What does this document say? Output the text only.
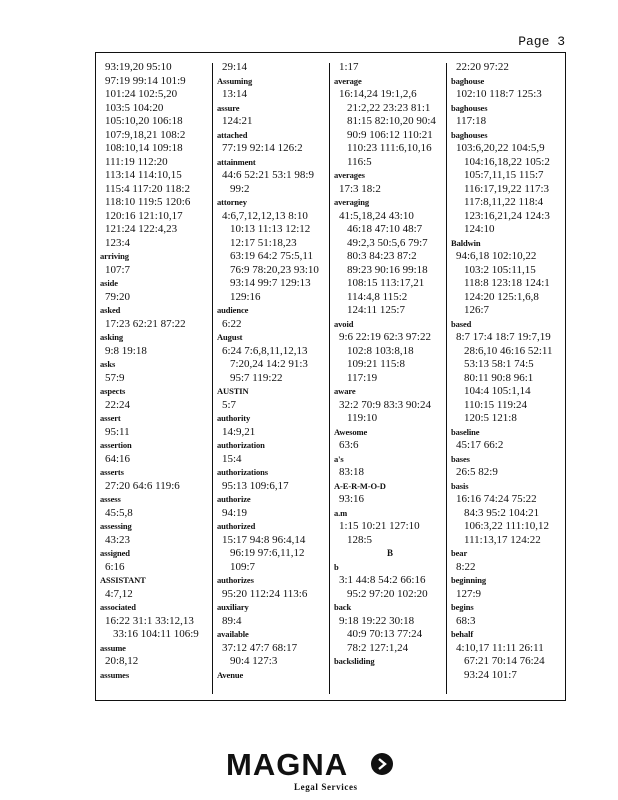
Page 3
93:19,20 95:10
97:19 99:14 101:9
101:24 102:5,20
103:5 104:20
105:10,20 106:18
107:9,18,21 108:2
108:10,14 109:18
111:19 112:20
113:14 114:10,15
115:4 117:20 118:2
118:10 119:5 120:6
120:16 121:10,17
121:24 122:4,23
123:4
arriving
107:7
aside
79:20
asked
17:23 62:21 87:22
asking
9:8 19:18
asks
57:9
aspects
22:24
assert
95:11
assertion
64:16
asserts
27:20 64:6 119:6
assess
45:5,8
assessing
43:23
assigned
6:16
ASSISTANT
4:7,12
associated
16:22 31:1 33:12,13
33:16 104:11 106:9
assume
20:8,12
assumes
29:14
Assuming
13:14
assure
124:21
attached
77:19 92:14 126:2
attainment
44:6 52:21 53:1 98:9
99:2
attorney
4:6,7,12,12,13 8:10
10:13 11:13 12:12
12:17 51:18,23
63:19 64:2 75:5,11
76:9 78:20,23 93:10
93:14 99:7 129:13
129:16
audience
6:22
August
6:24 7:6,8,11,12,13
7:20,24 14:2 91:3
95:7 119:22
AUSTIN
5:7
authority
14:9,21
authorization
15:4
authorizations
95:13 109:6,17
authorize
94:19
authorized
15:17 94:8 96:4,14
96:19 97:6,11,12
109:7
authorizes
95:20 112:24 113:6
auxiliary
89:4
available
37:12 47:7 68:17
90:4 127:3
Avenue
1:17
average
16:14,24 19:1,2,6
21:2,22 23:23 81:1
81:15 82:10,20 90:4
90:9 106:12 110:21
110:23 111:6,10,16
116:5
averages
17:3 18:2
averaging
41:5,18,24 43:10
46:18 47:10 48:7
49:2,3 50:5,6 79:7
80:3 84:23 87:2
89:23 90:16 99:18
108:15 113:17,21
114:4,8 115:2
124:11 125:7
avoid
9:6 22:19 62:3 97:22
102:8 103:8,18
109:21 115:8
117:19
aware
32:2 70:9 83:3 90:24
119:10
Awesome
63:6
a's
83:18
A-E-R-M-O-D
93:16
a.m
1:15 10:21 127:10
128:5
B
b
3:1 44:8 54:2 66:16
95:2 97:20 102:20
back
9:18 19:22 30:18
40:9 70:13 77:24
78:2 127:1,24
backsliding
22:20 97:22
baghouse
102:10 118:7 125:3
baghouses
117:18
baghouses
103:6,20,22 104:5,9
104:16,18,22 105:2
105:7,11,15 115:7
116:17,19,22 117:3
117:8,11,22 118:4
123:16,21,24 124:3
124:10
Baldwin
94:6,18 102:10,22
103:2 105:11,15
118:8 123:18 124:1
124:20 125:1,6,8
126:7
based
8:7 17:4 18:7 19:7,19
28:6,10 46:16 52:11
53:13 58:1 74:5
80:11 90:8 96:1
104:4 105:1,14
110:15 119:24
120:5 121:8
baseline
45:17 66:2
bases
26:5 82:9
basis
16:16 74:24 75:22
84:3 95:2 104:21
106:3,22 111:10,12
111:13,17 124:22
bear
8:22
beginning
127:9
begins
68:3
behalf
4:10,17 11:11 26:11
67:21 70:14 76:24
93:24 101:7
MAGNA
Legal Services
